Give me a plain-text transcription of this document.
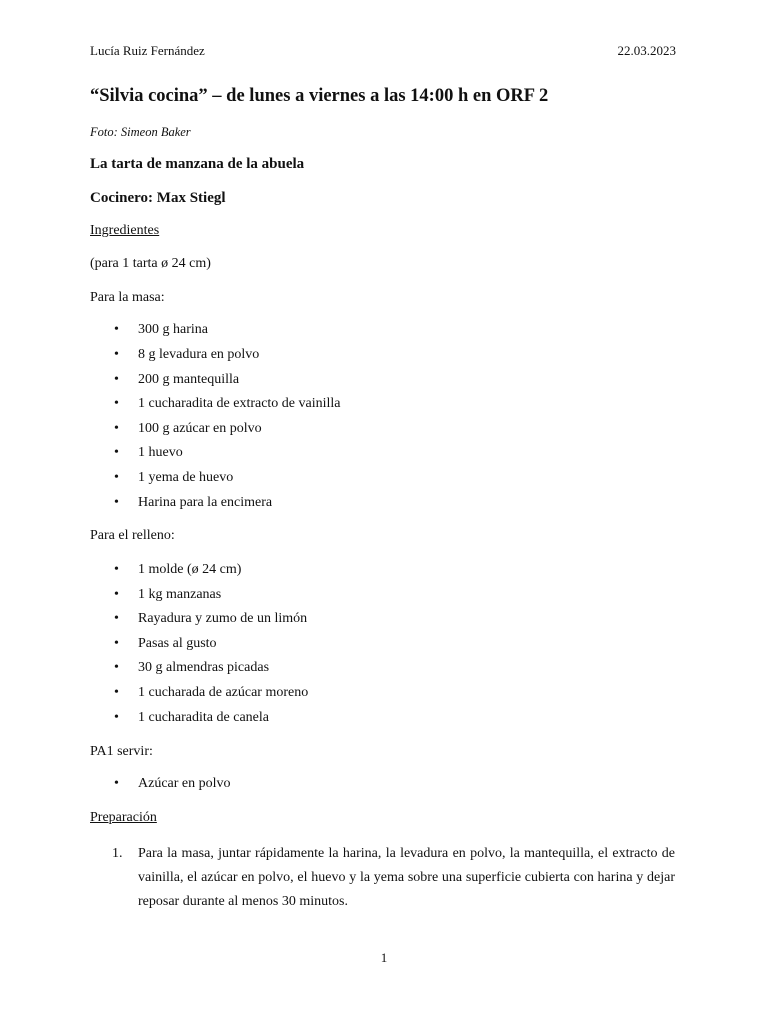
Lucía Ruiz Fernández	22.03.2023
“Silvia cocina” – de lunes a viernes a las 14:00 h en ORF 2
Foto: Simeon Baker
La tarta de manzana de la abuela
Cocinero: Max Stiegl
Ingredientes
(para 1 tarta ø 24 cm)
Para la masa:
• 300 g harina
• 8 g levadura en polvo
• 200 g mantequilla
• 1 cucharadita de extracto de vainilla
• 100 g azúcar en polvo
• 1 huevo
• 1 yema de huevo
• Harina para la encimera
Para el relleno:
• 1 molde (ø 24 cm)
• 1 kg manzanas
• Rayadura y zumo de un limón
• Pasas al gusto
• 30 g almendras picadas
• 1 cucharada de azúcar moreno
• 1 cucharadita de canela
PA1 servir:
• Azúcar en polvo
Preparación
1. Para la masa, juntar rápidamente la harina, la levadura en polvo, la mantequilla, el extracto de vainilla, el azúcar en polvo, el huevo y la yema sobre una superficie cubierta con harina y dejar reposar durante al menos 30 minutos.
1
